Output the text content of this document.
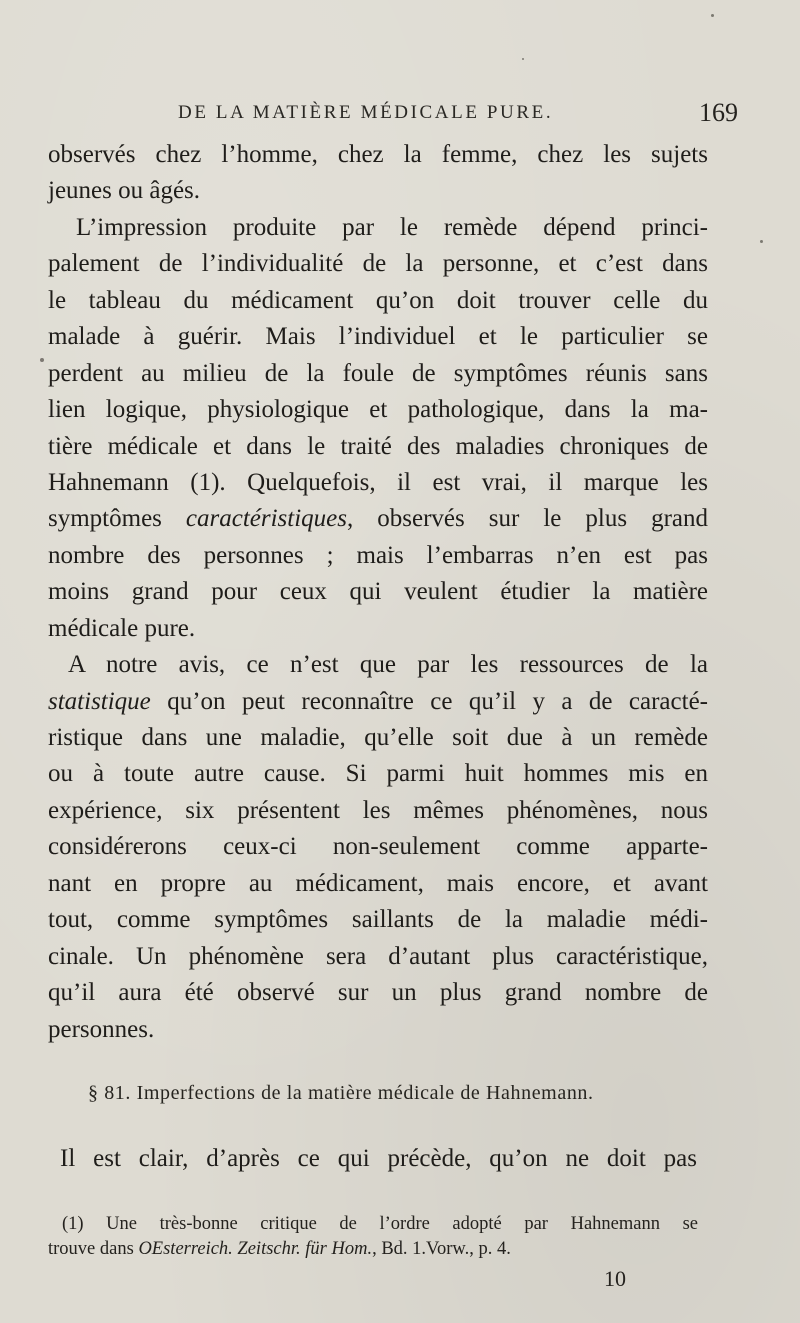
DE LA MATIÈRE MÉDICALE PURE.	169
observés chez l’homme, chez la femme, chez les sujets
jeunes ou âgés.
L’impression produite par le remède dépend princi-
palement de l’individualité de la personne, et c’est dans
le tableau du médicament qu’on doit trouver celle du
malade à guérir. Mais l’individuel et le particulier se
perdent au milieu de la foule de symptômes réunis sans
lien logique, physiologique et pathologique, dans la ma-
tière médicale et dans le traité des maladies chroniques de
Hahnemann (1). Quelquefois, il est vrai, il marque les
symptômes caractéristiques, observés sur le plus grand
nombre des personnes ; mais l’embarras n’en est pas
moins grand pour ceux qui veulent étudier la matière
médicale pure.
A notre avis, ce n’est que par les ressources de la
statistique qu’on peut reconnaître ce qu’il y a de caracté-
ristique dans une maladie, qu’elle soit due à un remède
ou à toute autre cause. Si parmi huit hommes mis en
expérience, six présentent les mêmes phénomènes, nous
considérerons ceux-ci non-seulement comme apparte-
nant en propre au médicament, mais encore, et avant
tout, comme symptômes saillants de la maladie médi-
cinale. Un phénomène sera d’autant plus caractéristique,
qu’il aura été observé sur un plus grand nombre de
personnes.
§ 81. Imperfections de la matière médicale de Hahnemann.
Il est clair, d’après ce qui précède, qu’on ne doit pas
(1) Une très-bonne critique de l’ordre adopté par Hahnemann se
trouve dans OEsterreich. Zeitschr. für Hom., Bd. 1.Vorw., p. 4.
10
